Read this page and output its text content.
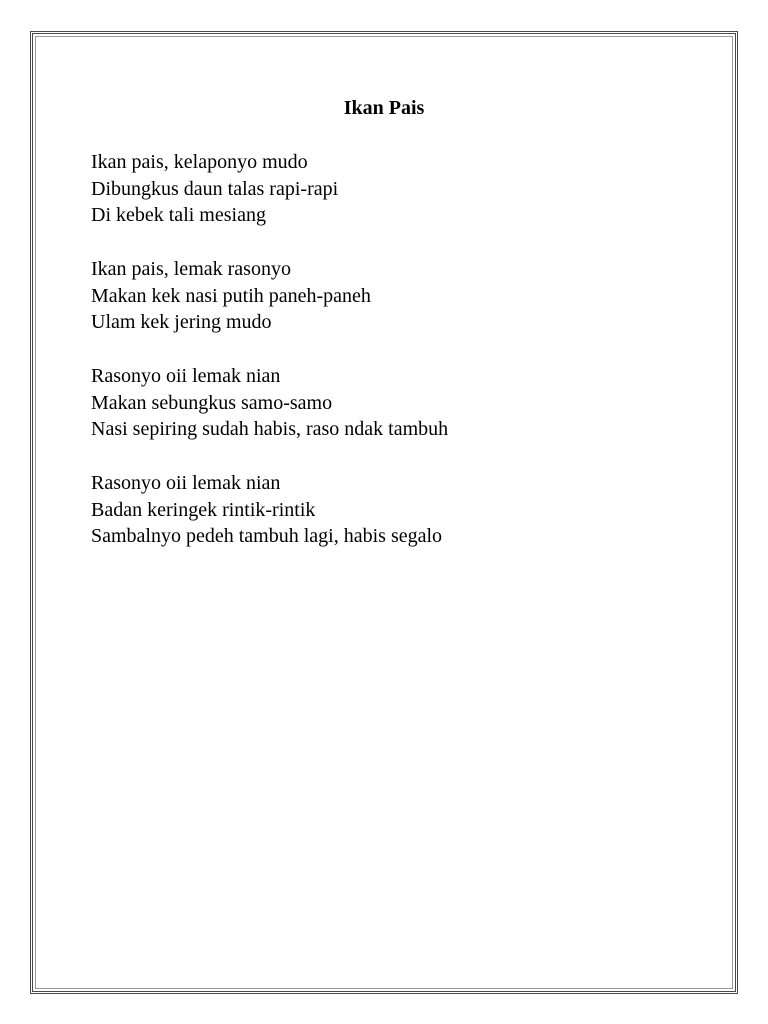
Ikan Pais
Ikan pais, kelaponyo mudo
Dibungkus daun talas rapi-rapi
Di kebek tali mesiang
Ikan pais, lemak rasonyo
Makan kek nasi putih paneh-paneh
Ulam kek jering mudo
Rasonyo oii lemak nian
Makan sebungkus samo-samo
Nasi sepiring sudah habis, raso ndak tambuh
Rasonyo oii lemak nian
Badan keringek rintik-rintik
Sambalnyo pedeh tambuh lagi, habis segalo
